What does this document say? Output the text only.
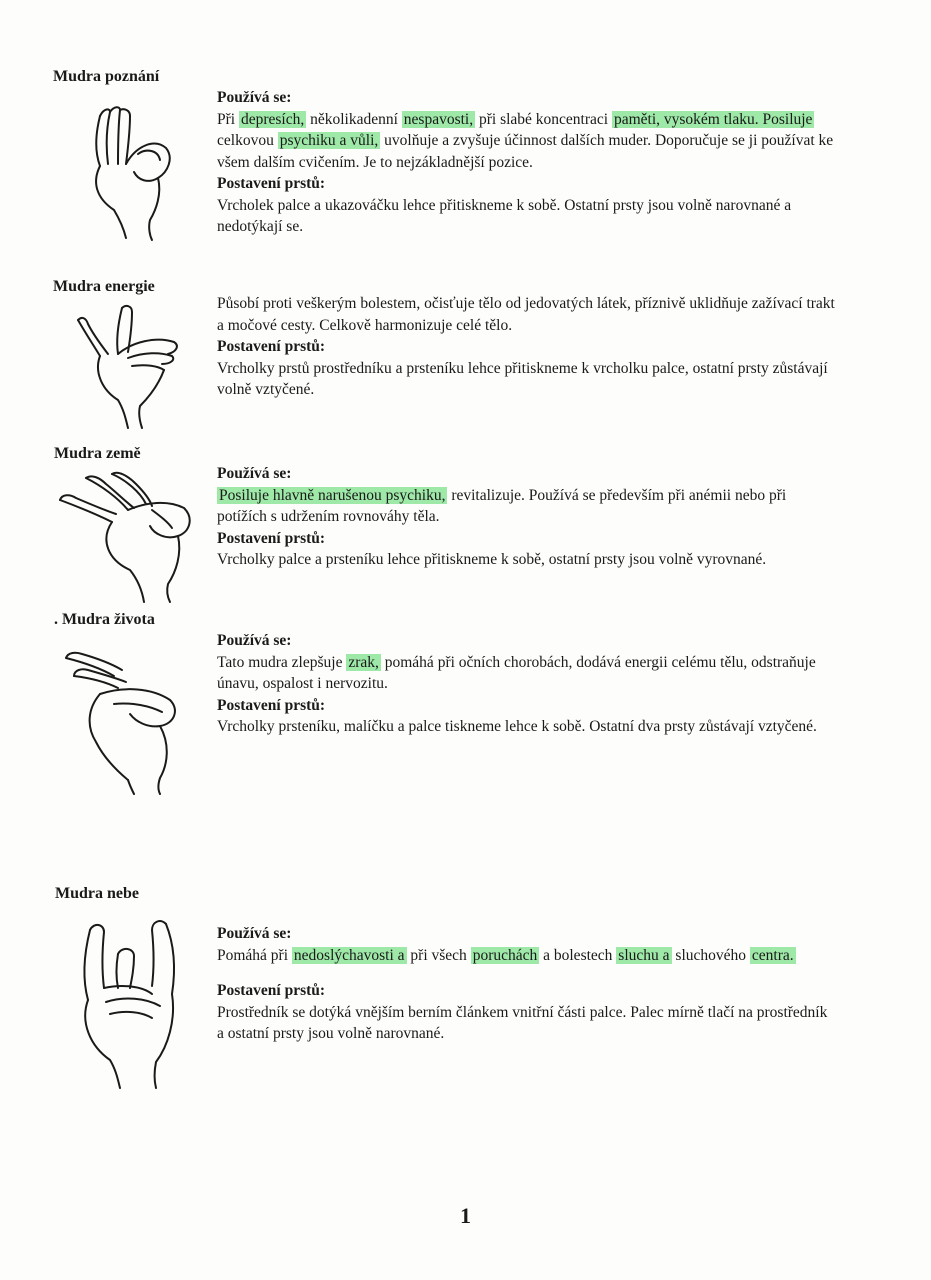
Mudra poznání

Používá se:

Při depresích, několikadenní nespavosti, při slabé koncentraci paměti, vysokém tlaku. Posiluje celkovou psychiku a vůli, uvolňuje a zvyšuje účinnost dalších muder. Doporučuje se ji používat ke všem dalším cvičením. Je to nejzákladnější pozice.

Postavení prstů:

Vrcholek palce a ukazováčku lehce přitiskneme k sobě. Ostatní prsty jsou volně narovnané a nedotýkají se.

Mudra energie

Působí proti veškerým bolestem, očisťuje tělo od jedovatých látek, příznivě uklidňuje zažívací trakt a močové cesty. Celkově harmonizuje celé tělo.

Postavení prstů:

Vrcholky prstů prostředníku a prsteníku lehce přitiskneme k vrcholku palce, ostatní prsty zůstávají volně vztyčené.

Mudra země

Používá se:

Posiluje hlavně narušenou psychiku, revitalizuje. Používá se především při anémii nebo při potížích s udržením rovnováhy těla.

Postavení prstů:

Vrcholky palce a prsteníku lehce přitiskneme k sobě, ostatní prsty jsou volně vyrovnané.

. Mudra života

Používá se:

Tato mudra zlepšuje zrak, pomáhá při očních chorobách, dodává energii celému tělu, odstraňuje únavu, ospalost i nervozitu.

Postavení prstů:

Vrcholky prsteníku, malíčku a palce tiskneme lehce k sobě. Ostatní dva prsty zůstávají vztyčené.

Mudra nebe

Používá se:

Pomáhá při nedoslýchavosti a při všech poruchách a bolestech sluchu a sluchového centra.

Postavení prstů:

Prostředník se dotýká vnějším berním článkem vnitřní části palce. Palec mírně tlačí na prostředník a ostatní prsty jsou volně narovnané.

1
